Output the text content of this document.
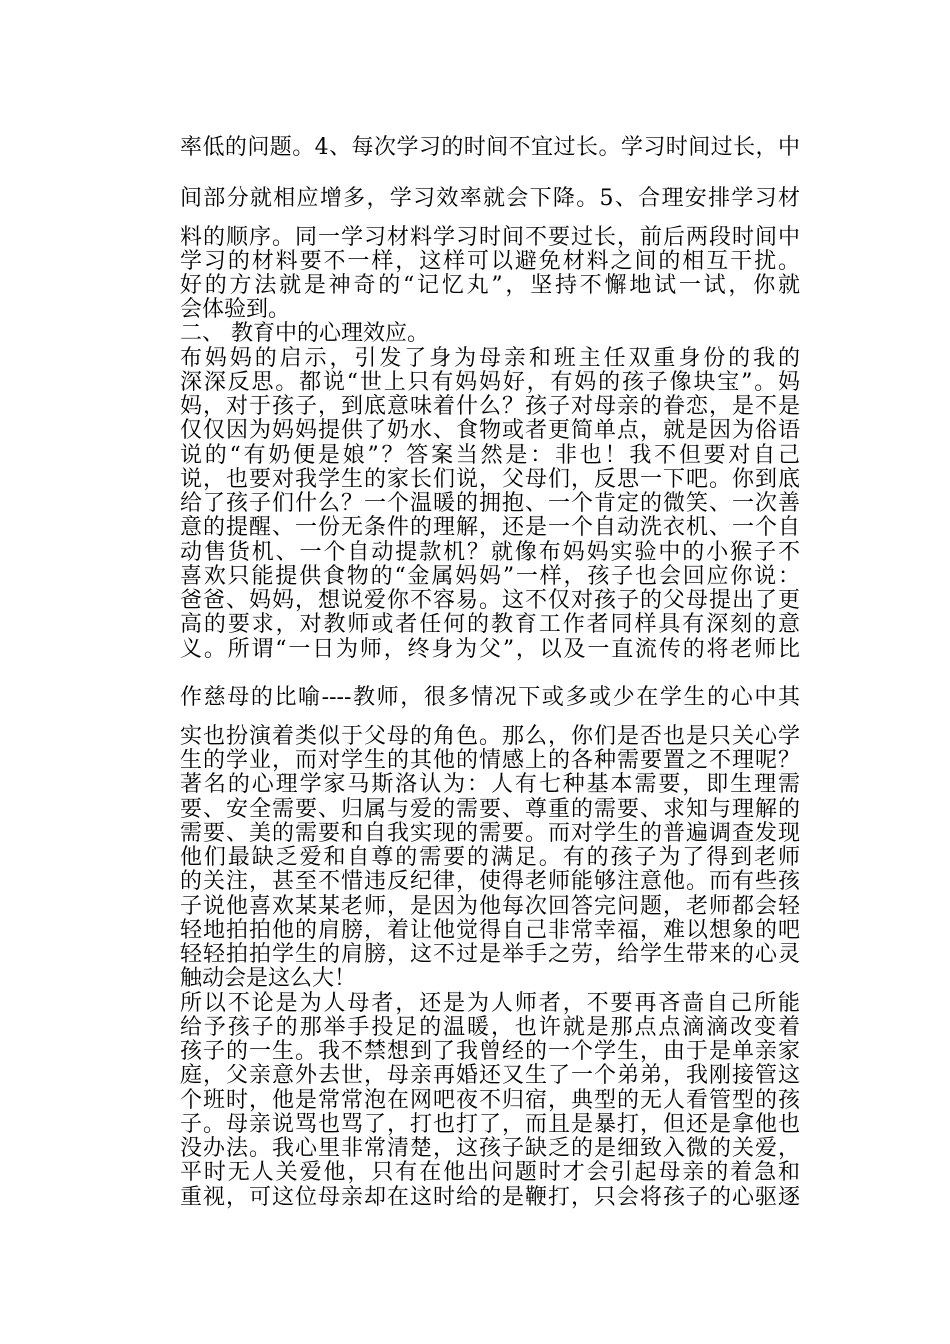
率低的问题。4、每次学习的时间不宜过长。学习时间过长，中
间部分就相应增多，学习效率就会下降。5、合理安排学习材
料的顺序。同一学习材料学习时间不要过长，前后两段时间中
学习的材料要不一样，这样可以避免材料之间的相互干扰。
好的方法就是神奇的“记忆丸”，坚持不懈地试一试，你就
会体验到。
二、 教育中的心理效应。
布妈妈的启示，引发了身为母亲和班主任双重身份的我的
深深反思。都说“世上只有妈妈好，有妈的孩子像块宝”。妈
妈，对于孩子，到底意味着什么？孩子对母亲的眷恋，是不是
仅仅因为妈妈提供了奶水、食物或者更简单点，就是因为俗语
说的“有奶便是娘”？答案当然是：非也！我不但要对自己
说，也要对我学生的家长们说，父母们，反思一下吧。你到底
给了孩子们什么？一个温暖的拥抱、一个肯定的微笑、一次善
意的提醒、一份无条件的理解，还是一个自动洗衣机、一个自
动售货机、一个自动提款机？就像布妈妈实验中的小猴子不
喜欢只能提供食物的“金属妈妈”一样，孩子也会回应你说：
爸爸、妈妈，想说爱你不容易。这不仅对孩子的父母提出了更
高的要求，对教师或者任何的教育工作者同样具有深刻的意
义。所谓“一日为师，终身为父”，以及一直流传的将老师比
作慈母的比喻----教师，很多情况下或多或少在学生的心中其
实也扮演着类似于父母的角色。那么，你们是否也是只关心学
生的学业，而对学生的其他的情感上的各种需要置之不理呢？
著名的心理学家马斯洛认为：人有七种基本需要，即生理需
要、安全需要、归属与爱的需要、尊重的需要、求知与理解的
需要、美的需要和自我实现的需要。而对学生的普遍调查发现
他们最缺乏爱和自尊的需要的满足。有的孩子为了得到老师
的关注，甚至不惜违反纪律，使得老师能够注意他。而有些孩
子说他喜欢某某老师，是因为他每次回答完问题，老师都会轻
轻地拍拍他的肩膀，着让他觉得自己非常幸福，难以想象的吧
轻轻拍拍学生的肩膀，这不过是举手之劳，给学生带来的心灵
触动会是这么大！
所以不论是为人母者，还是为人师者，不要再吝啬自己所能
给予孩子的那举手投足的温暖，也许就是那点点滴滴改变着
孩子的一生。我不禁想到了我曾经的一个学生，由于是单亲家
庭，父亲意外去世，母亲再婚还又生了一个弟弟，我刚接管这
个班时，他是常常泡在网吧夜不归宿，典型的无人看管型的孩
子。母亲说骂也骂了，打也打了，而且是暴打，但还是拿他也
没办法。我心里非常清楚，这孩子缺乏的是细致入微的关爱，
平时无人关爱他，只有在他出问题时才会引起母亲的着急和
重视，可这位母亲却在这时给的是鞭打，只会将孩子的心驱逐
